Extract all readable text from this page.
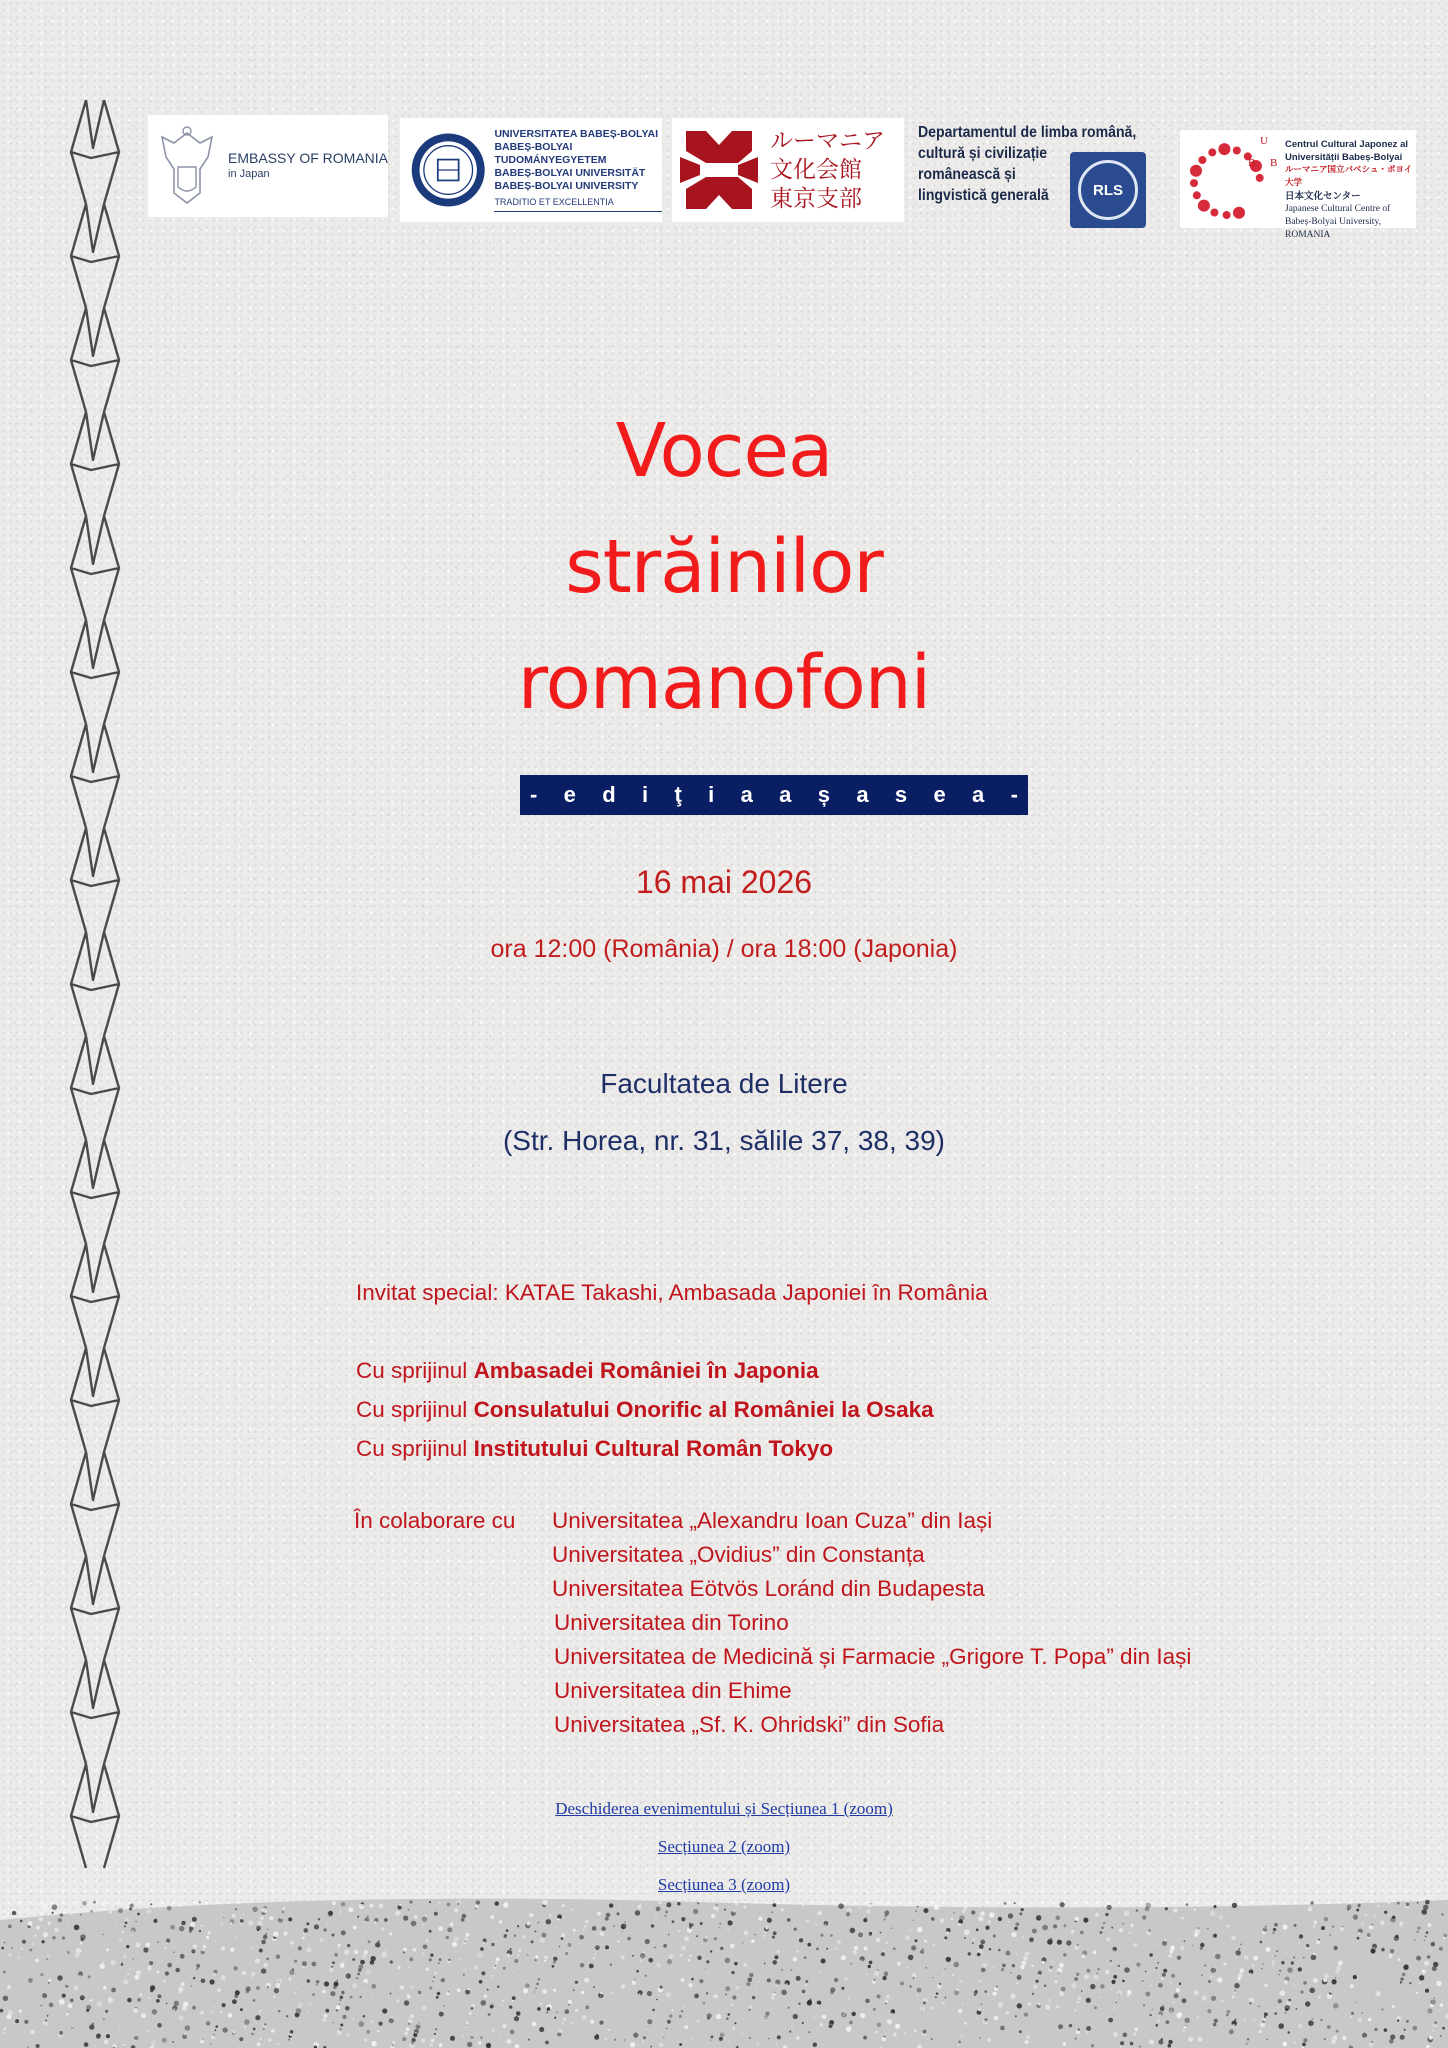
EMBASSY OF ROMANIA
in Japan
UNIVERSITATEA BABEȘ-BOLYAI
BABEȘ-BOLYAI TUDOMÁNYEGYETEM
BABEȘ-BOLYAI UNIVERSITÄT
BABEȘ-BOLYAI UNIVERSITY
TRADITIO ET EXCELLENTIA
ルーマニア
文化会館
東京支部
Departamentul de limba română,
cultură și civilizație
românească și
lingvistică generală	RLS
U
B B
Centrul Cultural Japonez al
Universității Babeș-Bolyai
ルーマニア国立バベシュ・ボヨイ大学
日本文化センター
Japanese Cultural Centre of
Babeș-Bolyai University, ROMANIA
Vocea
străinilor
romanofoni
- e d i ţ i a a ș a s e a -
16 mai 2026
ora 12:00 (România) / ora 18:00 (Japonia)
Facultatea de Litere
(Str. Horea, nr. 31, sălile 37, 38, 39)
Invitat special: KATAE Takashi, Ambasada Japoniei în România
Cu sprijinul Ambasadei României în Japonia
Cu sprijinul Consulatului Onorific al României la Osaka
Cu sprijinul Institutului Cultural Român Tokyo
În colaborare cu Universitatea „Alexandru Ioan Cuza” din Iași
Universitatea „Ovidius” din Constanța
Universitatea Eötvös Loránd din Budapesta
Universitatea din Torino
Universitatea de Medicină și Farmacie „Grigore T. Popa” din Iași
Universitatea din Ehime
Universitatea „Sf. K. Ohridski” din Sofia
Deschiderea evenimentului și Secțiunea 1 (zoom)
Secțiunea 2 (zoom)
Secțiunea 3 (zoom)
